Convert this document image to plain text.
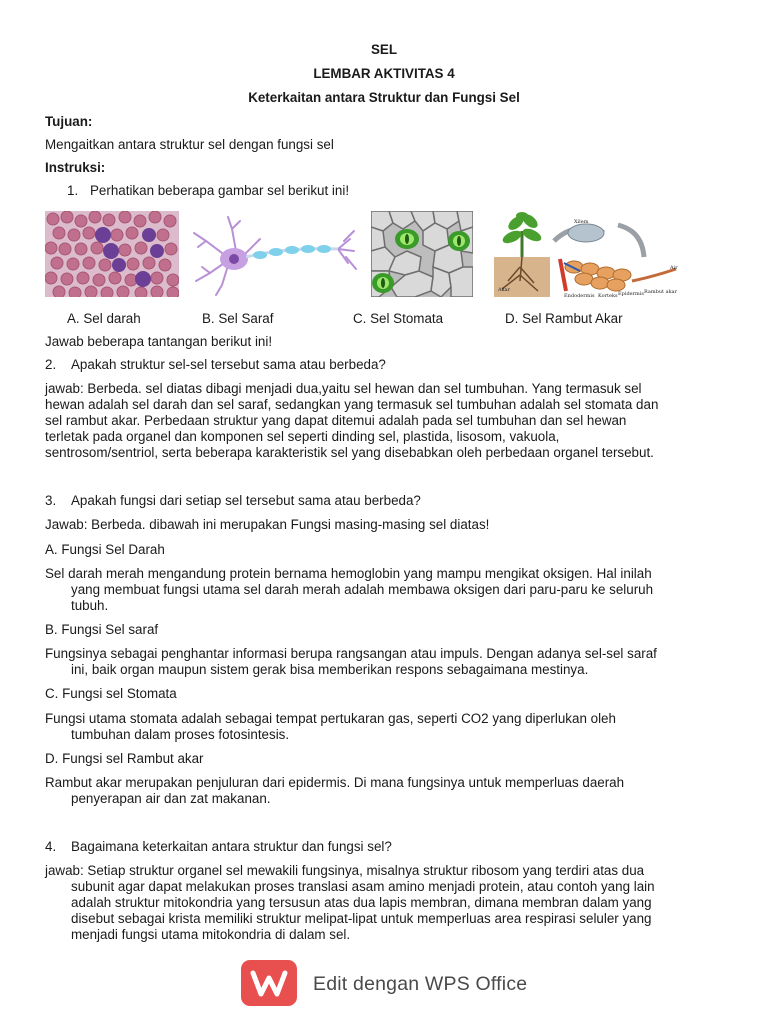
SEL
LEMBAR AKTIVITAS 4
Keterkaitan antara Struktur dan Fungsi Sel
Tujuan:
Mengaitkan antara struktur sel dengan fungsi sel
Instruksi:
1. Perhatikan beberapa gambar sel berikut ini!
Akar
Xilem
Endodermis Korteks Epidermis Rambut akar
Air
A. Sel darah	B. Sel Saraf	C. Sel Stomata	D. Sel Rambut Akar
Jawab beberapa tantangan berikut ini!
2. Apakah struktur sel-sel tersebut sama atau berbeda?
jawab: Berbeda. sel diatas dibagi menjadi dua,yaitu sel hewan dan sel tumbuhan. Yang termasuk sel
hewan adalah sel darah dan sel saraf, sedangkan yang termasuk sel tumbuhan adalah sel stomata dan
sel rambut akar. Perbedaan struktur yang dapat ditemui adalah pada sel tumbuhan dan sel hewan
terletak pada organel dan komponen sel seperti dinding sel, plastida, lisosom, vakuola,
sentrosom/sentriol, serta beberapa karakteristik sel yang disebabkan oleh perbedaan organel tersebut.
3. Apakah fungsi dari setiap sel tersebut sama atau berbeda?
Jawab: Berbeda. dibawah ini merupakan Fungsi masing-masing sel diatas!
A. Fungsi Sel Darah
Sel darah merah mengandung protein bernama hemoglobin yang mampu mengikat oksigen. Hal inilah
yang membuat fungsi utama sel darah merah adalah membawa oksigen dari paru-paru ke seluruh
tubuh.
B. Fungsi Sel saraf
Fungsinya sebagai penghantar informasi berupa rangsangan atau impuls. Dengan adanya sel-sel saraf
ini, baik organ maupun sistem gerak bisa memberikan respons sebagaimana mestinya.
C. Fungsi sel Stomata
Fungsi utama stomata adalah sebagai tempat pertukaran gas, seperti CO2 yang diperlukan oleh
tumbuhan dalam proses fotosintesis.
D. Fungsi sel Rambut akar
Rambut akar merupakan penjuluran dari epidermis. Di mana fungsinya untuk memperluas daerah
penyerapan air dan zat makanan.
4. Bagaimana keterkaitan antara struktur dan fungsi sel?
jawab: Setiap struktur organel sel mewakili fungsinya, misalnya struktur ribosom yang terdiri atas dua
subunit agar dapat melakukan proses translasi asam amino menjadi protein, atau contoh yang lain
adalah struktur mitokondria yang tersusun atas dua lapis membran, dimana membran dalam yang
disebut sebagai krista memiliki struktur melipat-lipat untuk memperluas area respirasi seluler yang
menjadi fungsi utama mitokondria di dalam sel.
Edit dengan WPS Office
